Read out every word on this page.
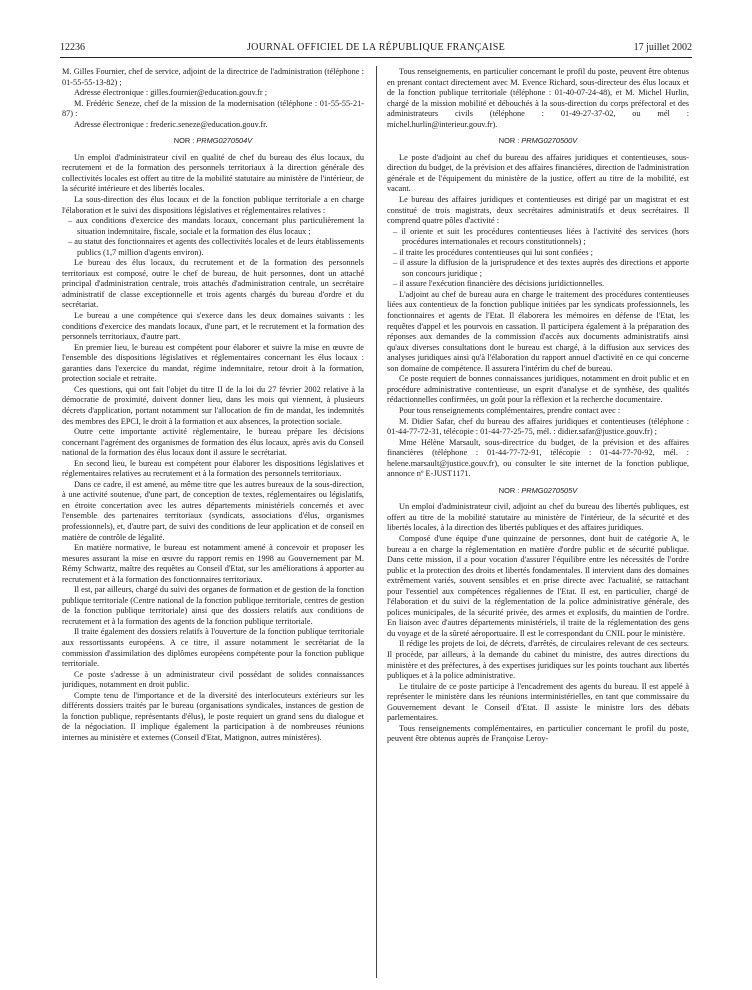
12236	JOURNAL OFFICIEL DE LA RÉPUBLIQUE FRANÇAISE	17 juillet 2002

M. Gilles Fournier, chef de service, adjoint de la directrice de l'administration (téléphone : 01-55-55-13-82) ;

Adresse électronique : gilles.fournier@education.gouv.fr ;

M. Frédéric Seneze, chef de la mission de la modernisation (téléphone : 01-55-55-21-87) :

Adresse électronique : frederic.seneze@education.gouv.fr.

NOR : PRMG0270504V

Un emploi d'administrateur civil en qualité de chef du bureau des élus locaux, du recrutement et de la formation des personnels territoriaux à la direction générale des collectivités locales est offert au titre de la mobilité statutaire au ministère de l'intérieur, de la sécurité intérieure et des libertés locales.

La sous-direction des élus locaux et de la fonction publique territoriale a en charge l'élaboration et le suivi des dispositions législatives et réglementaires relatives :

– aux conditions d'exercice des mandats locaux, concernant plus particulièrement la situation indemnitaire, fiscale, sociale et la formation des élus locaux ;

– au statut des fonctionnaires et agents des collectivités locales et de leurs établissements publics (1,7 million d'agents environ).

Le bureau des élus locaux, du recrutement et de la formation des personnels territoriaux est composé, outre le chef de bureau, de huit personnes, dont un attaché principal d'administration centrale, trois attachés d'administration centrale, un secrétaire administratif de classe exceptionnelle et trois agents chargés du bureau d'ordre et du secrétariat.

Le bureau a une compétence qui s'exerce dans les deux domaines suivants : les conditions d'exercice des mandats locaux, d'une part, et le recrutement et la formation des personnels territoriaux, d'autre part.

En premier lieu, le bureau est compétent pour élaborer et suivre la mise en œuvre de l'ensemble des dispositions législatives et réglementaires concernant les élus locaux : garanties dans l'exercice du mandat, régime indemnitaire, retour droit à la formation, protection sociale et retraite.

Ces questions, qui ont fait l'objet du titre II de la loi du 27 février 2002 relative à la démocratie de proximité, doivent donner lieu, dans les mois qui viennent, à plusieurs décrets d'application, portant notamment sur l'allocation de fin de mandat, les indemnités des membres des EPCI, le droit à la formation et aux absences, la protection sociale.

Outre cette importante activité réglementaire, le bureau prépare les décisions concernant l'agrément des organismes de formation des élus locaux, après avis du Conseil national de la formation des élus locaux dont il assure le secrétariat.

En second lieu, le bureau est compétent pour élaborer les dispositions législatives et réglementaires relatives au recrutement et à la formation des personnels territoriaux.

Dans ce cadre, il est amené, au même titre que les autres bureaux de la sous-direction, à une activité soutenue, d'une part, de conception de textes, réglementaires ou législatifs, en étroite concertation avec les autres départements ministériels concernés et avec l'ensemble des partenaires territoriaux (syndicats, associations d'élus, organismes professionnels), et, d'autre part, de suivi des conditions de leur application et de conseil en matière de contrôle de légalité.

En matière normative, le bureau est notamment amené à concevoir et proposer les mesures assurant la mise en œuvre du rapport remis en 1998 au Gouvernement par M. Rémy Schwartz, maître des requêtes au Conseil d'Etat, sur les améliorations à apporter au recrutement et à la formation des fonctionnaires territoriaux.

Il est, par ailleurs, chargé du suivi des organes de formation et de gestion de la fonction publique territoriale (Centre national de la fonction publique territoriale, centres de gestion de la fonction publique territoriale) ainsi que des dossiers relatifs aux conditions de recrutement et à la formation des agents de la fonction publique territoriale.

Il traite également des dossiers relatifs à l'ouverture de la fonction publique territoriale aux ressortissants européens. A ce titre, il assure notamment le secrétariat de la commission d'assimilation des diplômes européens compétente pour la fonction publique territoriale.

Ce poste s'adresse à un administrateur civil possédant de solides connaissances juridiques, notamment en droit public.

Compte tenu de l'importance et de la diversité des interlocuteurs extérieurs sur les différents dossiers traités par le bureau (organisations syndicales, instances de gestion de la fonction publique, représentants d'élus), le poste requiert un grand sens du dialogue et de la négociation. Il implique également la participation à de nombreuses réunions internes au ministère et externes (Conseil d'Etat, Matignon, autres ministères).

Tous renseignements, en particulier concernant le profil du poste, peuvent être obtenus en prenant contact directement avec M. Evence Richard, sous-directeur des élus locaux et de la fonction publique territoriale (téléphone : 01-40-07-24-48), et M. Michel Hurlin, chargé de la mission mobilité et débouchés à la sous-direction du corps préfectoral et des administrateurs civils (téléphone : 01-49-27-37-02, ou mél : michel.hurlin@interieur.gouv.fr).

NOR : PRMG0270500V

Le poste d'adjoint au chef du bureau des affaires juridiques et contentieuses, sous-direction du budget, de la prévision et des affaires financières, direction de l'administration générale et de l'équipement du ministère de la justice, offert au titre de la mobilité, est vacant.

Le bureau des affaires juridiques et contentieuses est dirigé par un magistrat et est constitué de trois magistrats, deux secrétaires administratifs et deux secrétaires. Il comprend quatre pôles d'activité :

– il oriente et suit les procédures contentieuses liées à l'activité des services (hors procédures internationales et recours constitutionnels) ;

– il traite les procédures contentieuses qui lui sont confiées ;

– il assure la diffusion de la jurisprudence et des textes auprès des directions et apporte son concours juridique ;

– il assure l'exécution financière des décisions juridictionnelles.

L'adjoint au chef de bureau aura en charge le traitement des procédures contentieuses liées aux contentieux de la fonction publique initiées par les syndicats professionnels, les fonctionnaires et agents de l'Etat. Il élaborera les mémoires en défense de l'Etat, les requêtes d'appel et les pourvois en cassation. Il participera également à la préparation des réponses aux demandes de la commission d'accès aux documents administratifs ainsi qu'aux diverses consultations dont le bureau est chargé, à la diffusion aux services des analyses juridiques ainsi qu'à l'élaboration du rapport annuel d'activité en ce qui concerne son domaine de compétence. Il assurera l'intérim du chef de bureau.

Ce poste requiert de bonnes connaissances juridiques, notamment en droit public et en procédure administrative contentieuse, un esprit d'analyse et de synthèse, des qualités rédactionnelles confirmées, un goût pour la réflexion et la recherche documentaire.

Pour tous renseignements complémentaires, prendre contact avec :

M. Didier Safar, chef du bureau des affaires juridiques et contentieuses (téléphone : 01-44-77-72-31, télécopie : 01-44-77-25-75, mél. : didier.safar@justice.gouv.fr) ;

Mme Hélène Marsault, sous-directrice du budget, de la prévision et des affaires financières (téléphone : 01-44-77-72-91, télécopie : 01-44-77-70-92, mél. : helene.marsault@justice.gouv.fr), ou consulter le site internet de la fonction publique, annonce nº E-JUST1171.

NOR : PRMG0270505V

Un emploi d'administrateur civil, adjoint au chef du bureau des libertés publiques, est offert au titre de la mobilité statutaire au ministère de l'intérieur, de la sécurité et des libertés locales, à la direction des libertés publiques et des affaires juridiques.

Composé d'une équipe d'une quinzaine de personnes, dont huit de catégorie A, le bureau a en charge la réglementation en matière d'ordre public et de sécurité publique. Dans cette mission, il a pour vocation d'assurer l'équilibre entre les nécessités de l'ordre public et la protection des droits et libertés fondamentales. Il intervient dans des domaines extrêmement variés, souvent sensibles et en prise directe avec l'actualité, se rattachant pour l'essentiel aux compétences régaliennes de l'Etat. Il est, en particulier, chargé de l'élaboration et du suivi de la réglementation de la police administrative générale, des polices municipales, de la sécurité privée, des armes et explosifs, du maintien de l'ordre. En liaison avec d'autres départements ministériels, il traite de la réglementation des gens du voyage et de la sûreté aéroportuaire. Il est le correspondant du CNIL pour le ministère.

Il rédige les projets de loi, de décrets, d'arrêtés, de circulaires relevant de ces secteurs. Il procède, par ailleurs, à la demande du cabinet du ministre, des autres directions du ministère et des préfectures, à des expertises juridiques sur les points touchant aux libertés publiques et à la police administrative.

Le titulaire de ce poste participe à l'encadrement des agents du bureau. Il est appelé à représenter le ministère dans les réunions interministérielles, en tant que commissaire du Gouvernement devant le Conseil d'Etat. Il assiste le ministre lors des débats parlementaires.

Tous renseignements complémentaires, en particulier concernant le profil du poste, peuvent être obtenus auprès de Françoise Leroy-
